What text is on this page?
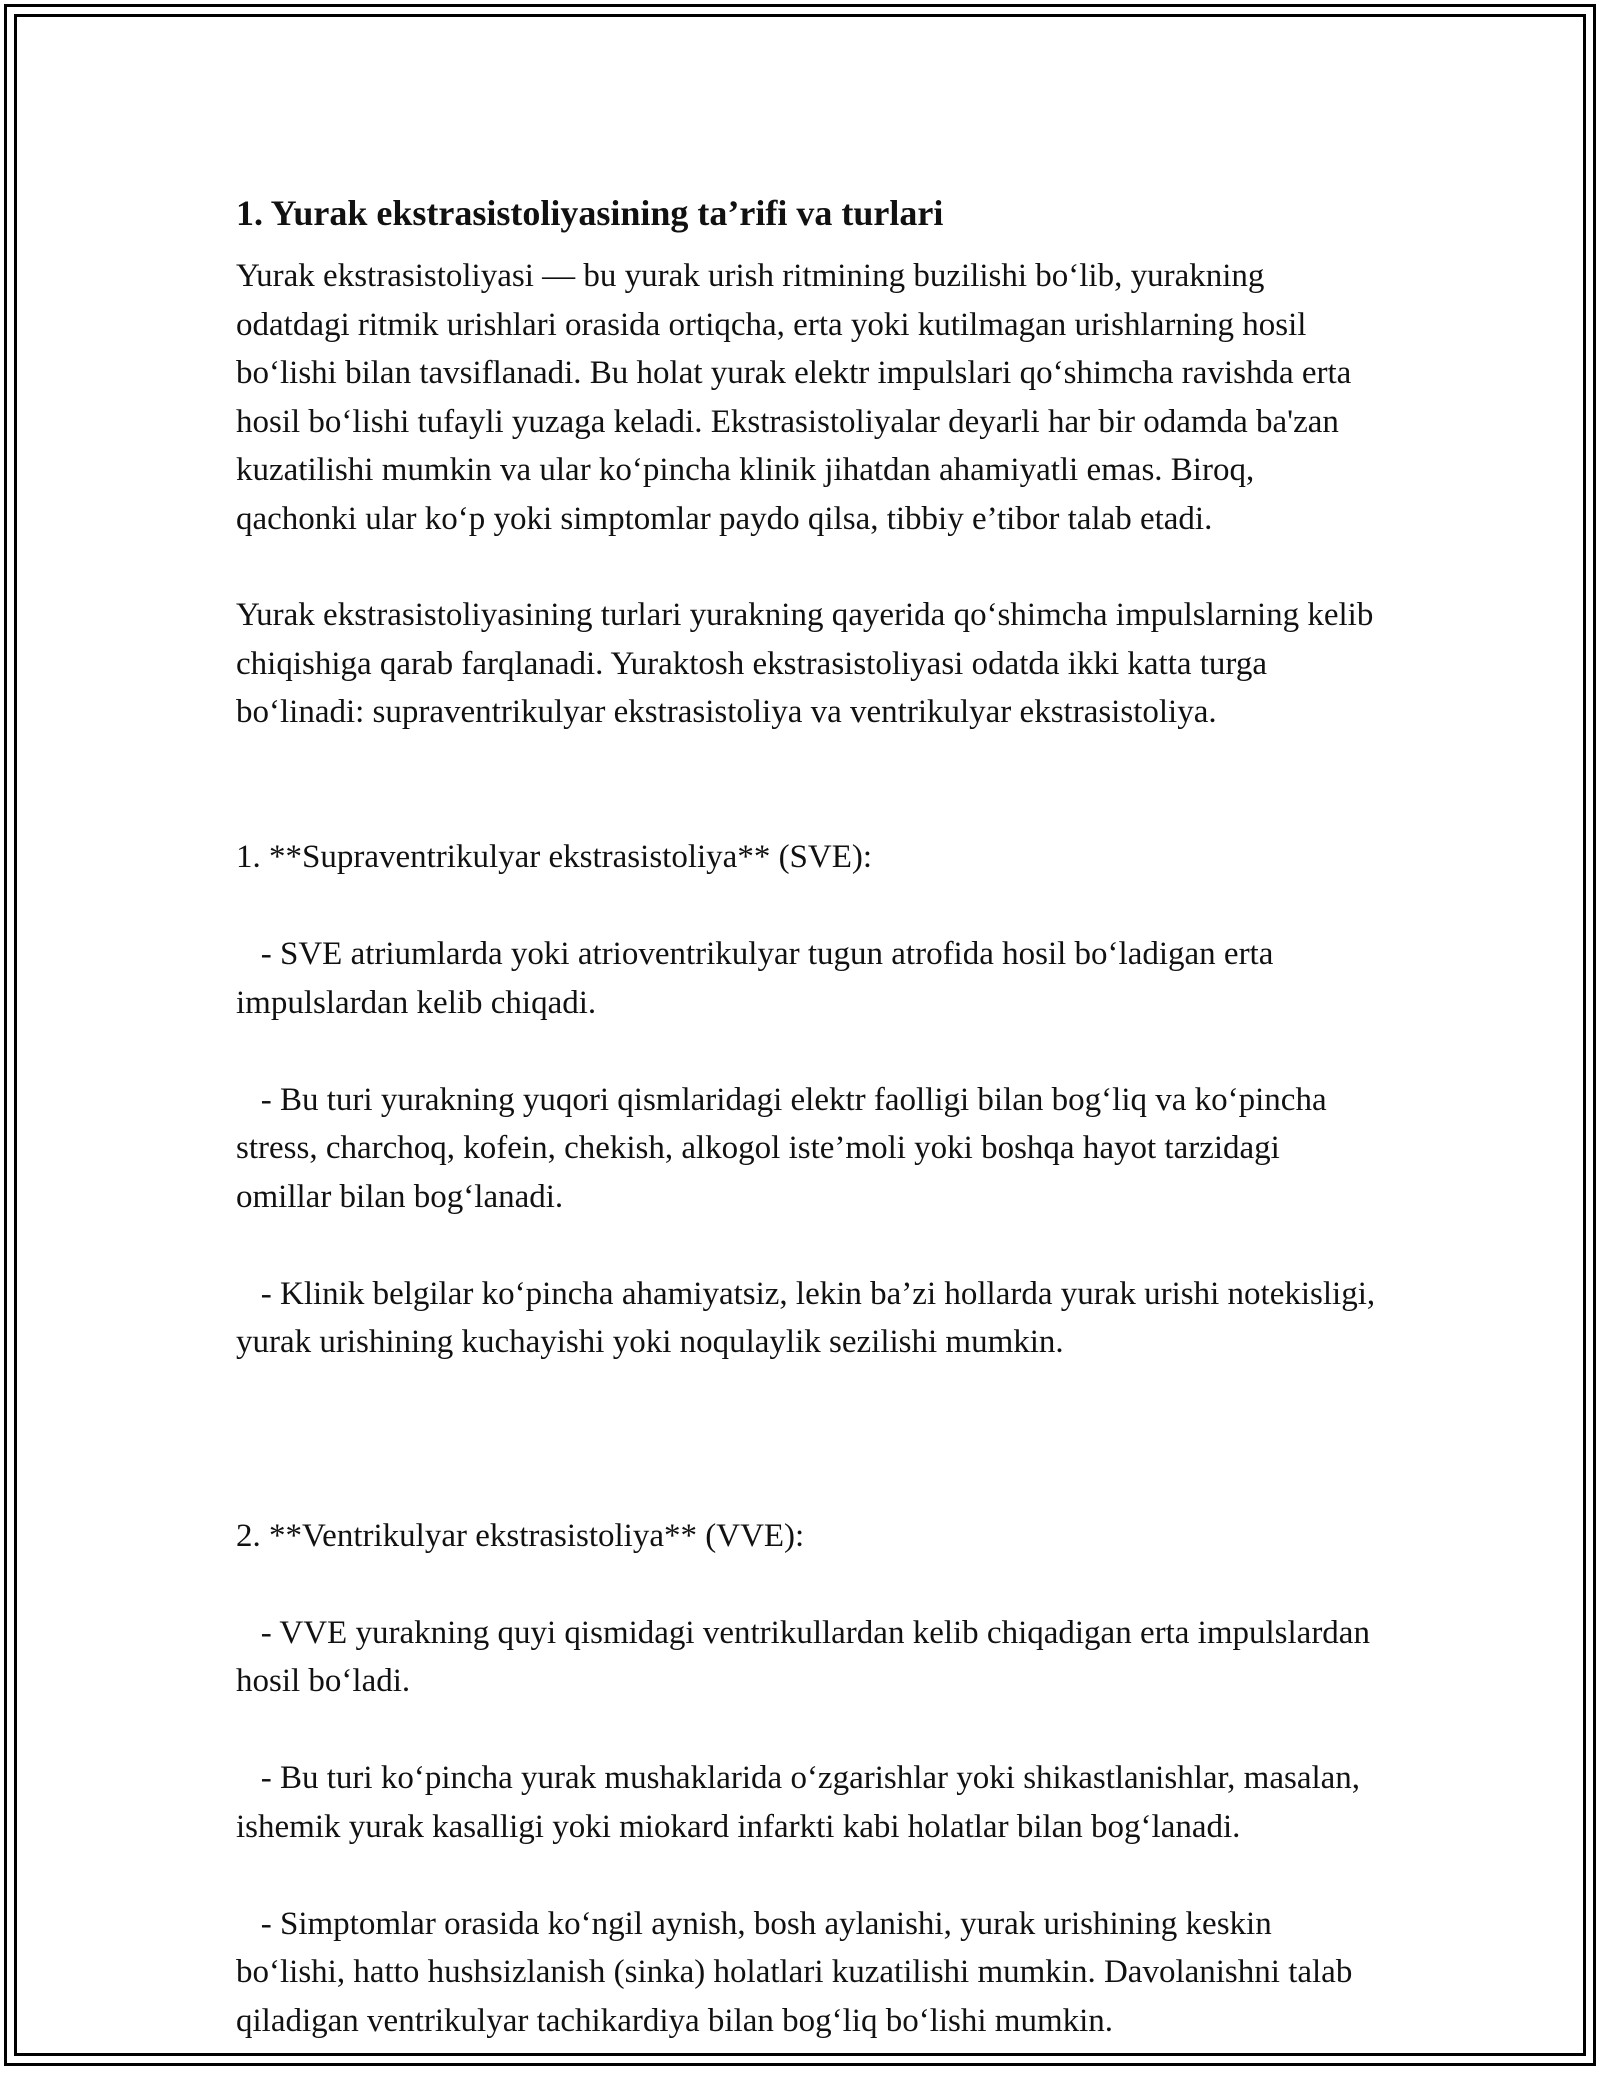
1. Yurak ekstrasistoliyasining ta’rifi va turlari

Yurak ekstrasistoliyasi — bu yurak urish ritmining buzilishi bo‘lib, yurakning odatdagi ritmik urishlari orasida ortiqcha, erta yoki kutilmagan urishlarning hosil bo‘lishi bilan tavsiflanadi. Bu holat yurak elektr impulslari qo‘shimcha ravishda erta hosil bo‘lishi tufayli yuzaga keladi. Ekstrasistoliyalar deyarli har bir odamda ba'zan kuzatilishi mumkin va ular ko‘pincha klinik jihatdan ahamiyatli emas. Biroq, qachonki ular ko‘p yoki simptomlar paydo qilsa, tibbiy e’tibor talab etadi.

Yurak ekstrasistoliyasining turlari yurakning qayerida qo‘shimcha impulslarning kelib chiqishiga qarab farqlanadi. Yuraktosh ekstrasistoliyasi odatda ikki katta turga bo‘linadi: supraventrikulyar ekstrasistoliya va ventrikulyar ekstrasistoliya.

1. **Supraventrikulyar ekstrasistoliya** (SVE):

- SVE atriumlarda yoki atrioventrikulyar tugun atrofida hosil bo‘ladigan erta impulslardan kelib chiqadi.

- Bu turi yurakning yuqori qismlaridagi elektr faolligi bilan bog‘liq va ko‘pincha stress, charchoq, kofein, chekish, alkogol iste’moli yoki boshqa hayot tarzidagi omillar bilan bog‘lanadi.

- Klinik belgilar ko‘pincha ahamiyatsiz, lekin ba’zi hollarda yurak urishi notekisligi, yurak urishining kuchayishi yoki noqulaylik sezilishi mumkin.

2. **Ventrikulyar ekstrasistoliya** (VVE):

- VVE yurakning quyi qismidagi ventrikullardan kelib chiqadigan erta impulslardan hosil bo‘ladi.

- Bu turi ko‘pincha yurak mushaklarida o‘zgarishlar yoki shikastlanishlar, masalan, ishemik yurak kasalligi yoki miokard infarkti kabi holatlar bilan bog‘lanadi.

- Simptomlar orasida ko‘ngil aynish, bosh aylanishi, yurak urishining keskin bo‘lishi, hatto hushsizlanish (sinka) holatlari kuzatilishi mumkin. Davolanishni talab qiladigan ventrikulyar tachikardiya bilan bog‘liq bo‘lishi mumkin.
